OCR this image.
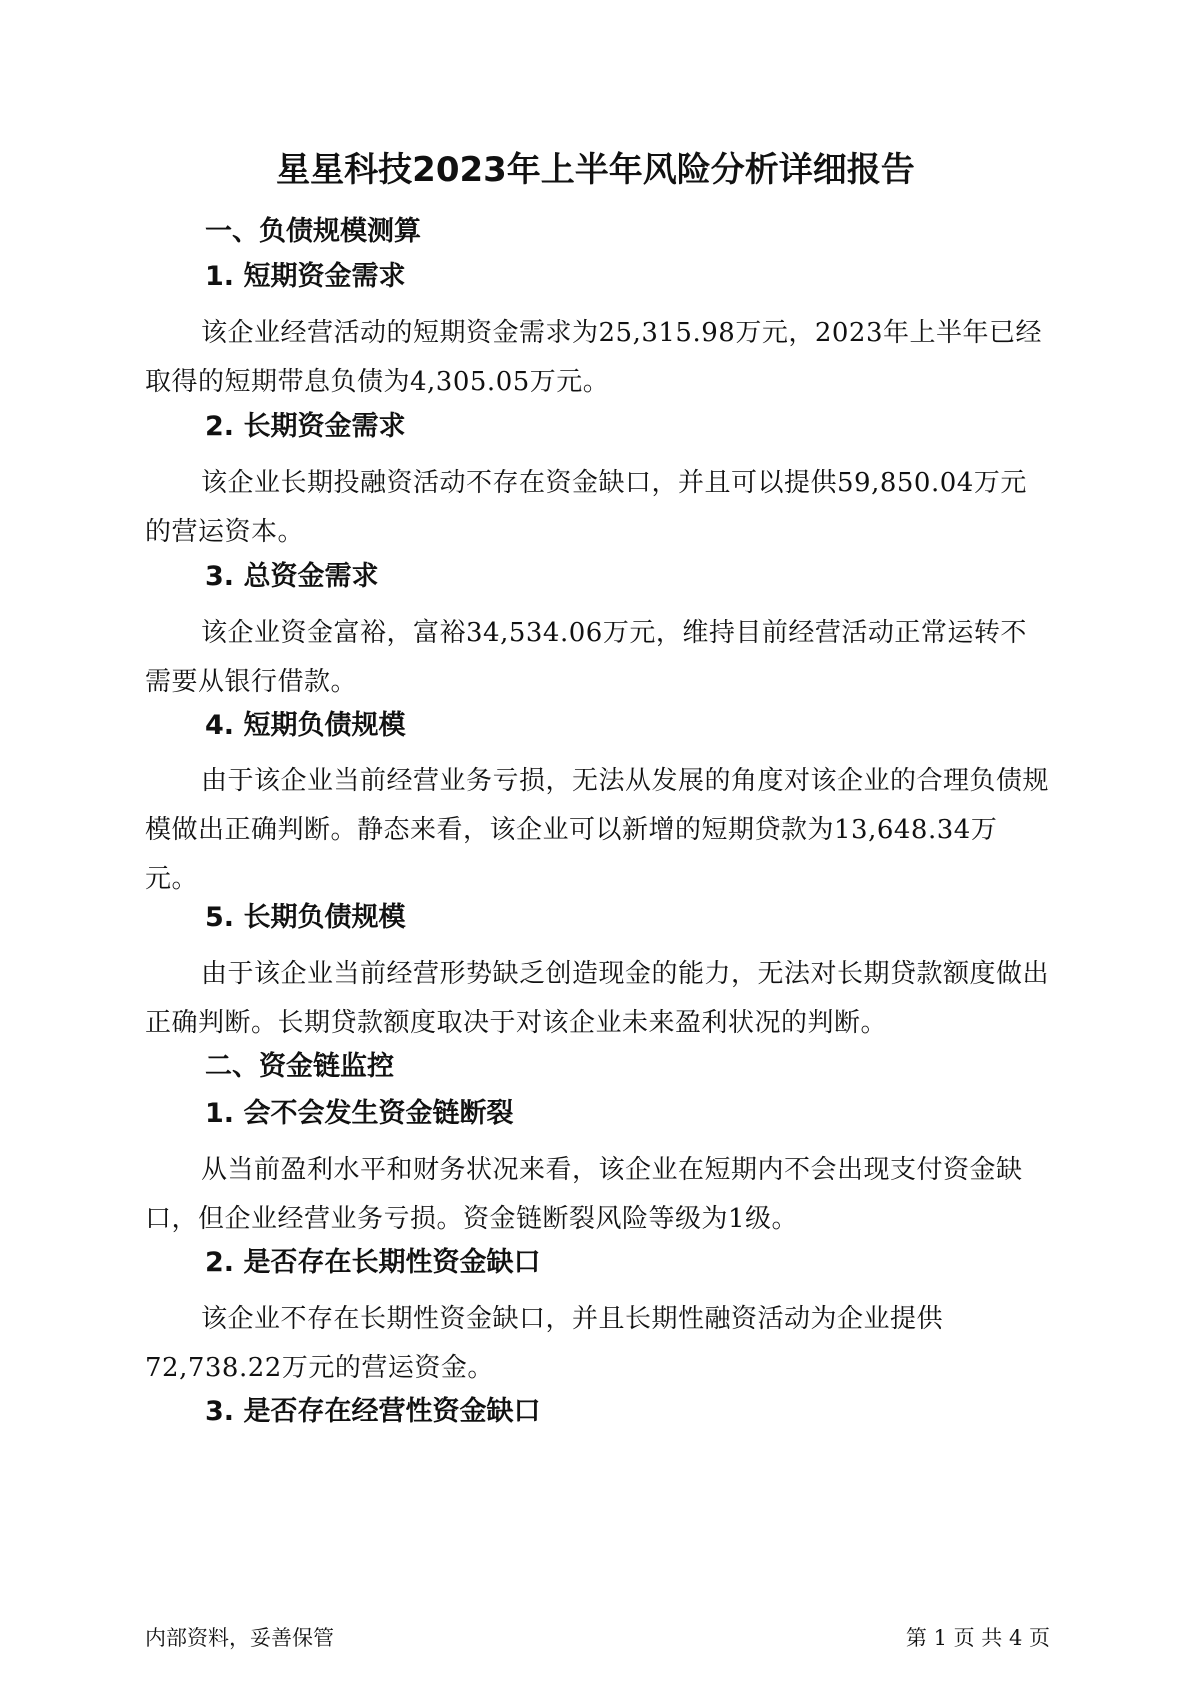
星星科技2023年上半年风险分析详细报告
一、负债规模测算
1. 短期资金需求

该企业经营活动的短期资金需求为25,315.98万元，2023年上半年已经取得的短期带息负债为4,305.05万元。

2. 长期资金需求

该企业长期投融资活动不存在资金缺口，并且可以提供59,850.04万元的营运资本。

3. 总资金需求

该企业资金富裕，富裕34,534.06万元，维持目前经营活动正常运转不需要从银行借款。

4. 短期负债规模

由于该企业当前经营业务亏损，无法从发展的角度对该企业的合理负债规模做出正确判断。静态来看，该企业可以新增的短期贷款为13,648.34万元。

5. 长期负债规模

由于该企业当前经营形势缺乏创造现金的能力，无法对长期贷款额度做出正确判断。长期贷款额度取决于对该企业未来盈利状况的判断。

二、资金链监控
1. 会不会发生资金链断裂

从当前盈利水平和财务状况来看，该企业在短期内不会出现支付资金缺口，但企业经营业务亏损。资金链断裂风险等级为1级。

2. 是否存在长期性资金缺口

该企业不存在长期性资金缺口，并且长期性融资活动为企业提供72,738.22万元的营运资金。

3. 是否存在经营性资金缺口
内部资料，妥善保管	第 1 页 共 4 页
